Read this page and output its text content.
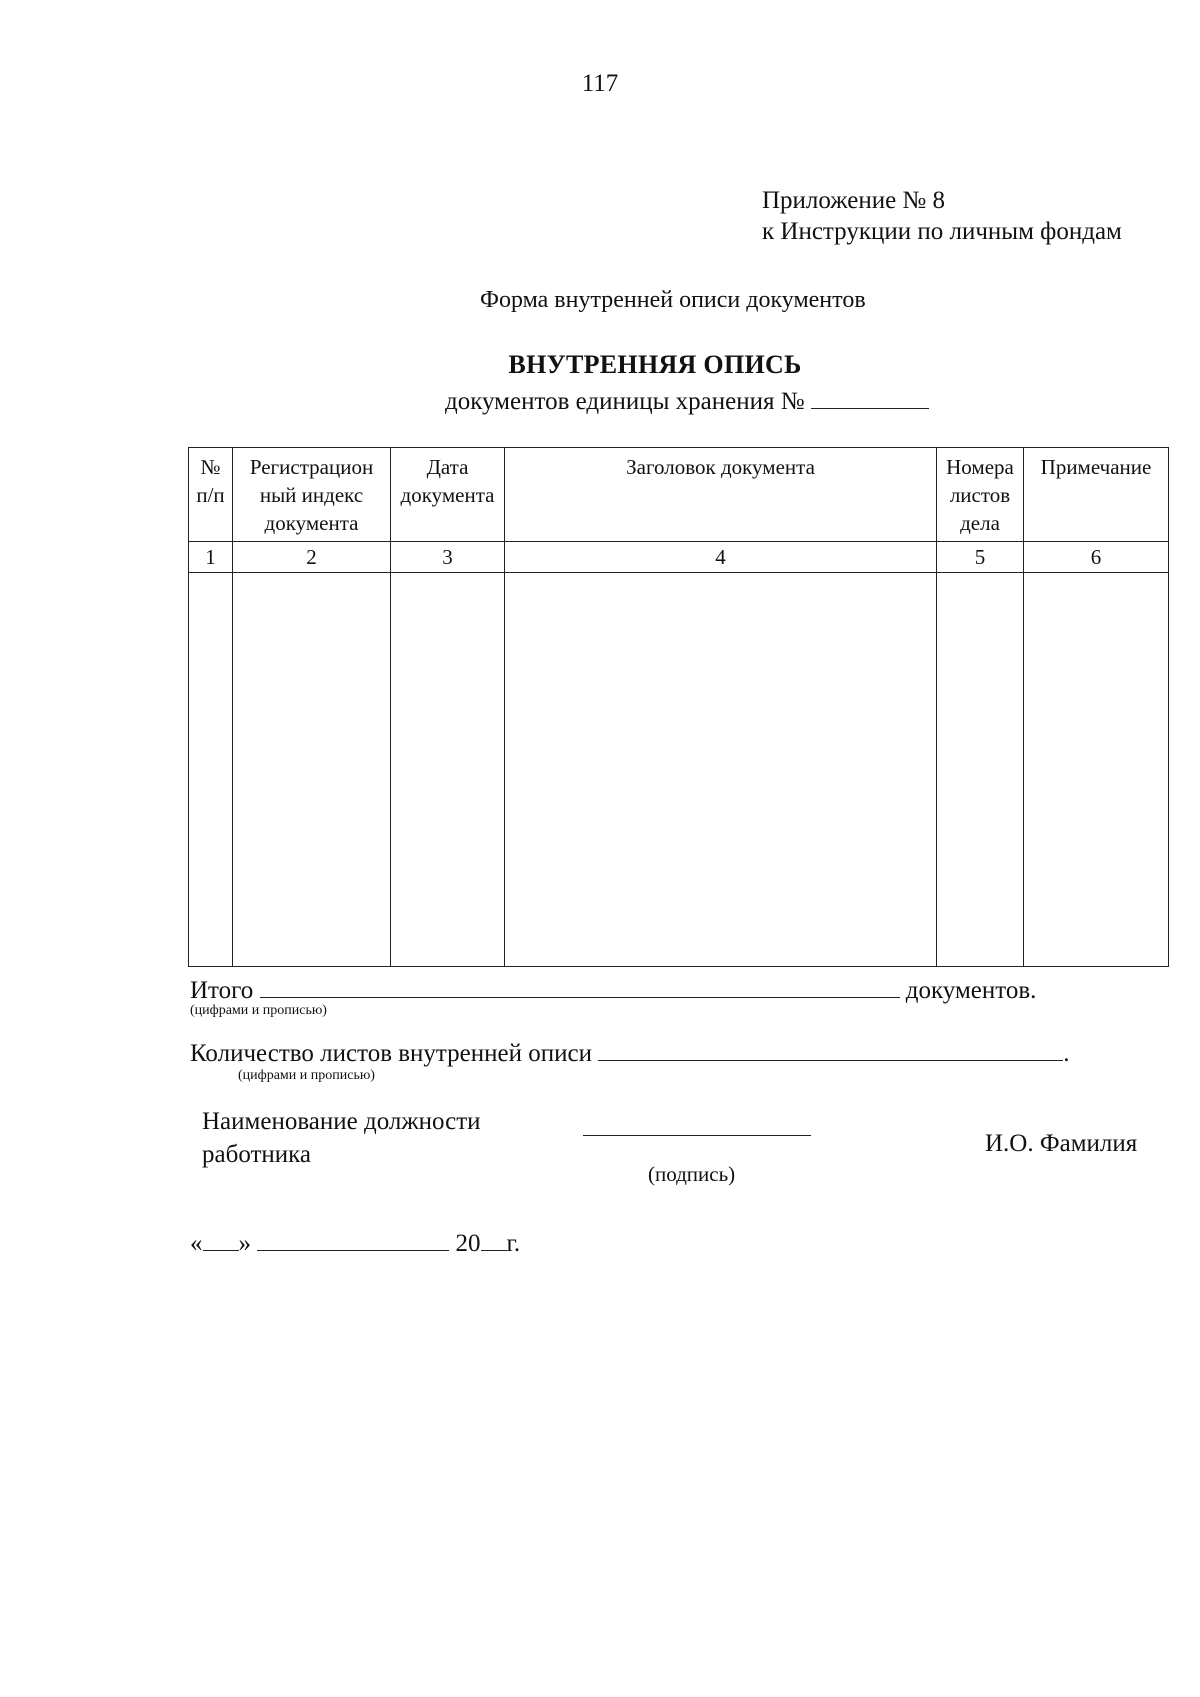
117
Приложение № 8
к Инструкции по личным фондам
Форма внутренней описи документов
ВНУТРЕННЯЯ ОПИСЬ
документов единицы хранения №
№ п/п	Регистрацион ный индекс документа	Дата документа	Заголовок документа	Номера листов дела	Примечание
1	2	3	4	5	6

Итого	документов.
(цифрами и прописью)
Количество листов внутренней описи	.
(цифрами и прописью)
Наименование должности
работника
(подпись)
И.О. Фамилия
« »	20 г.
